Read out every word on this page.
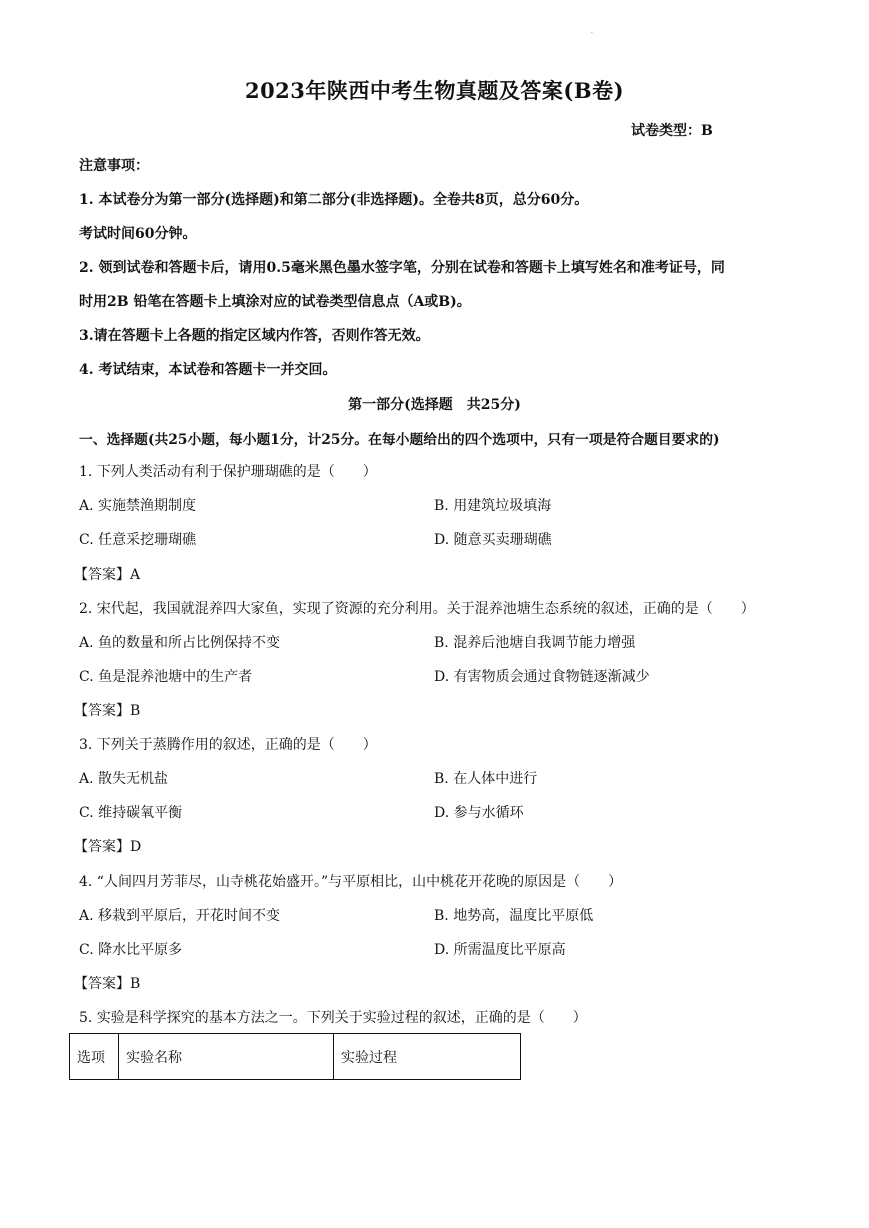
·
2023年陕西中考生物真题及答案(B卷)
试卷类型：B
注意事项：
1. 本试卷分为第一部分(选择题)和第二部分(非选择题)。全卷共8页，总分60分。
考试时间60分钟。
2. 领到试卷和答题卡后，请用0.5毫米黑色墨水签字笔，分别在试卷和答题卡上填写姓名和准考证号，同
时用2B 铅笔在答题卡上填涂对应的试卷类型信息点（A或B)。
3.请在答题卡上各题的指定区域内作答，否则作答无效。
4. 考试结束，本试卷和答题卡一并交回。
第一部分(选择题　共25分)
一、选择题(共25小题，每小题1分，计25分。在每小题给出的四个选项中，只有一项是符合题目要求的)
1. 下列人类活动有利于保护珊瑚礁的是（　　）
A. 实施禁渔期制度	B. 用建筑垃圾填海
C. 任意采挖珊瑚礁	D. 随意买卖珊瑚礁
【答案】A
2. 宋代起，我国就混养四大家鱼，实现了资源的充分利用。关于混养池塘生态系统的叙述，正确的是（　　）
A. 鱼的数量和所占比例保持不变	B. 混养后池塘自我调节能力增强
C. 鱼是混养池塘中的生产者	D. 有害物质会通过食物链逐渐减少
【答案】B
3. 下列关于蒸腾作用的叙述，正确的是（　　）
A. 散失无机盐	B. 在人体中进行
C. 维持碳氧平衡	D. 参与水循环
【答案】D
4. “人间四月芳菲尽，山寺桃花始盛开。”与平原相比，山中桃花开花晚的原因是（　　）
A. 移栽到平原后，开花时间不变	B. 地势高，温度比平原低
C. 降水比平原多	D. 所需温度比平原高
【答案】B
5. 实验是科学探究的基本方法之一。下列关于实验过程的叙述，正确的是（　　）
选项	实验名称	实验过程
